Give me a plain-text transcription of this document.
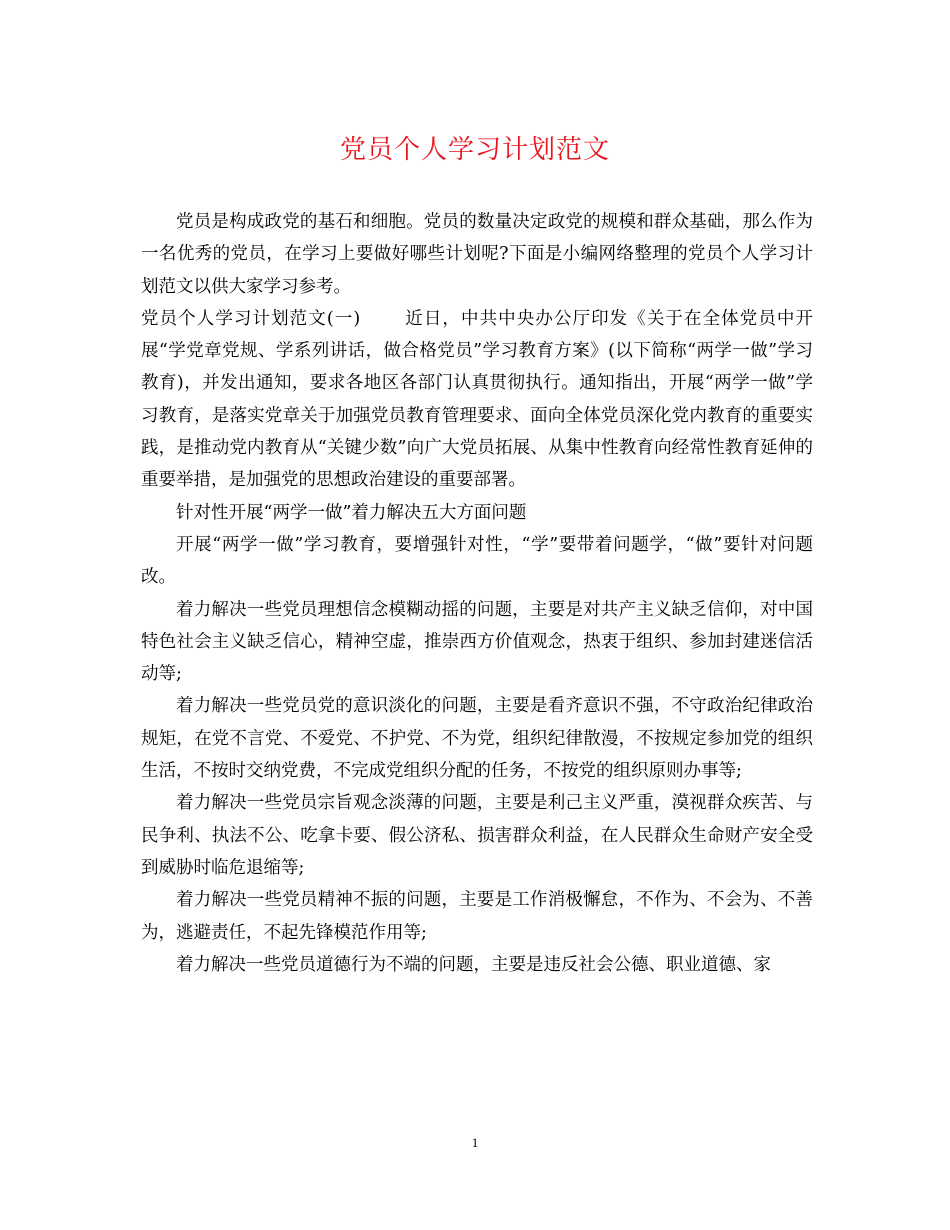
党员个人学习计划范文

党员是构成政党的基石和细胞。党员的数量决定政党的规模和群众基础，那么作为一名优秀的党员，在学习上要做好哪些计划呢?下面是小编网络整理的党员个人学习计划范文以供大家学习参考。

党员个人学习计划范文(一)	近日，中共中央办公厅印发《关于在全体党员中开展“学党章党规、学系列讲话，做合格党员”学习教育方案》(以下简称“两学一做”学习教育)，并发出通知，要求各地区各部门认真贯彻执行。通知指出，开展“两学一做”学习教育，是落实党章关于加强党员教育管理要求、面向全体党员深化党内教育的重要实践，是推动党内教育从“关键少数”向广大党员拓展、从集中性教育向经常性教育延伸的重要举措，是加强党的思想政治建设的重要部署。

针对性开展“两学一做”着力解决五大方面问题

开展“两学一做”学习教育，要增强针对性，“学”要带着问题学，“做”要针对问题改。

着力解决一些党员理想信念模糊动摇的问题，主要是对共产主义缺乏信仰，对中国特色社会主义缺乏信心，精神空虚，推崇西方价值观念，热衷于组织、参加封建迷信活动等;

着力解决一些党员党的意识淡化的问题，主要是看齐意识不强，不守政治纪律政治规矩，在党不言党、不爱党、不护党、不为党，组织纪律散漫，不按规定参加党的组织生活，不按时交纳党费，不完成党组织分配的任务，不按党的组织原则办事等;

着力解决一些党员宗旨观念淡薄的问题，主要是利己主义严重，漠视群众疾苦、与民争利、执法不公、吃拿卡要、假公济私、损害群众利益，在人民群众生命财产安全受到威胁时临危退缩等;

着力解决一些党员精神不振的问题，主要是工作消极懈怠，不作为、不会为、不善为，逃避责任，不起先锋模范作用等;

着力解决一些党员道德行为不端的问题，主要是违反社会公德、职业道德、家

1
